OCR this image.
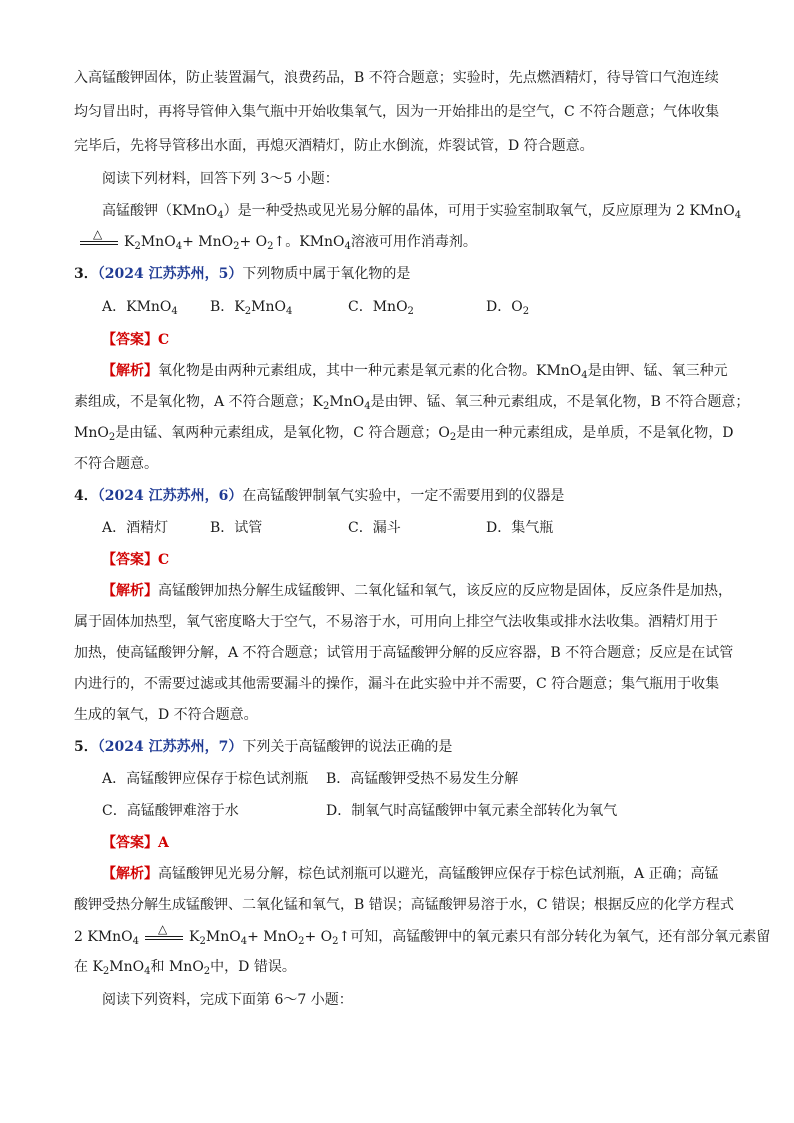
入高锰酸钾固体，防止装置漏气，浪费药品，B 不符合题意；实验时，先点燃酒精灯，待导管口气泡连续
均匀冒出时，再将导管伸入集气瓶中开始收集氧气，因为一开始排出的是空气，C 不符合题意；气体收集
完毕后，先将导管移出水面，再熄灭酒精灯，防止水倒流，炸裂试管，D 符合题意。
阅读下列材料，回答下列 3～5 小题：
高锰酸钾（KMnO$_4$）是一种受热或见光易分解的晶体，可用于实验室制取氧气，反应原理为 2 KMnO$_4$
△ $K_2MnO_4+ MnO_2+$ $O_2↑$。KMnO$_4$溶液可用作消毒剂。
3．（2024 江苏苏州，5）下列物质中属于氧化物的是
A．KMnO$_4$ B．$K_2MnO_4$	C．MnO$_2$	D．$O_2$
【答案】C
【解析】氧化物是由两种元素组成，其中一种元素是氧元素的化合物。KMnO$_4$是由钾、锰、氧三种元
素组成，不是氧化物，A 不符合题意；$K_2MnO_4$是由钾、锰、氧三种元素组成，不是氧化物，B 不符合题意；
MnO$_2$是由锰、氧两种元素组成，是氧化物，C 符合题意；$O_2$是由一种元素组成，是单质，不是氧化物，D
不符合题意。
4．（2024 江苏苏州，6）在高锰酸钾制氧气实验中，一定不需要用到的仪器是
A．酒精灯	B．试管	C．漏斗	D．集气瓶
【答案】C
【解析】高锰酸钾加热分解生成锰酸钾、二氧化锰和氧气，该反应的反应物是固体，反应条件是加热，
属于固体加热型，氧气密度略大于空气，不易溶于水，可用向上排空气法收集或排水法收集。酒精灯用于
加热，使高锰酸钾分解，A 不符合题意；试管用于高锰酸钾分解的反应容器，B 不符合题意；反应是在试管
内进行的，不需要过滤或其他需要漏斗的操作，漏斗在此实验中并不需要，C 符合题意；集气瓶用于收集
生成的氧气，D 不符合题意。
5．（2024 江苏苏州，7）下列关于高锰酸钾的说法正确的是
A．高锰酸钾应保存于棕色试剂瓶 B．高锰酸钾受热不易发生分解
C．高锰酸钾难溶于水	D．制氧气时高锰酸钾中氧元素全部转化为氧气
【答案】A
【解析】高锰酸钾见光易分解，棕色试剂瓶可以避光，高锰酸钾应保存于棕色试剂瓶，A 正确；高锰
酸钾受热分解生成锰酸钾、二氧化锰和氧气，B 错误；高锰酸钾易溶于水，C 错误；根据反应的化学方程式
2 KMnO$_4$
△ $K_2MnO_4+ MnO_2+$ $O_2↑$可知，高锰酸钾中的氧元素只有部分转化为氧气，还有部分氧元素留
在 $K_2MnO_4$和 MnO$_2$中，D 错误。
阅读下列资料，完成下面第 6～7 小题：
